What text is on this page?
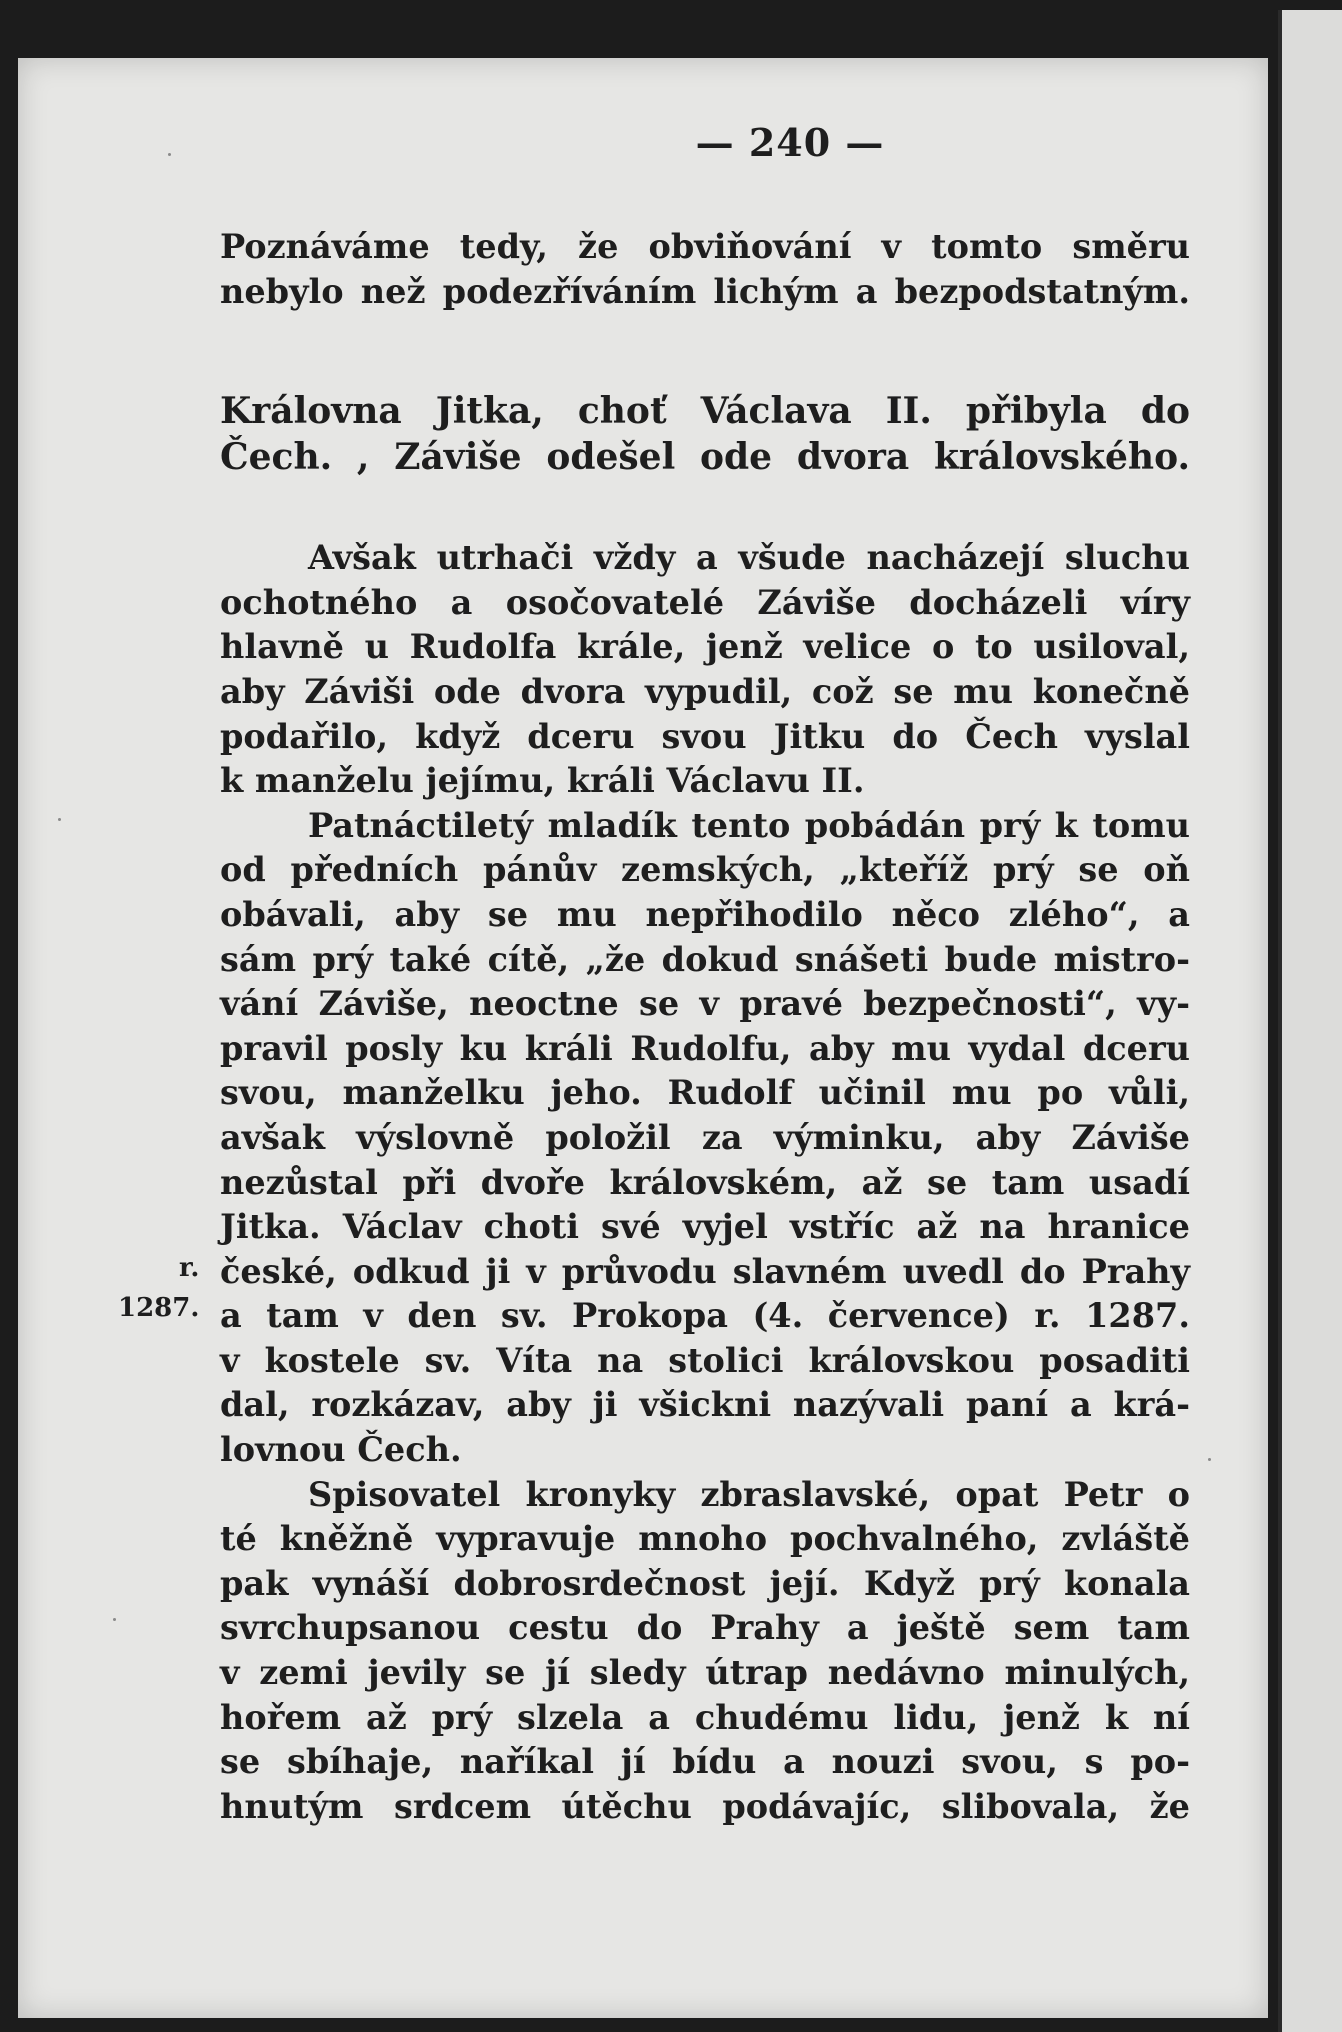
— 240 —
r.
1287.
Poznáváme tedy, že obviňování v tomto směru
nebylo než podezříváním lichým a bezpodstatným.
Královna Jitka, choť Václava II. přibyla do
Čech. , Záviše odešel ode dvora královského.
Avšak utrhači vždy a všude nacházejí sluchu
ochotného a osočovatelé Záviše docházeli víry
hlavně u Rudolfa krále, jenž velice o to usiloval,
aby Záviši ode dvora vypudil, což se mu konečně
podařilo, když dceru svou Jitku do Čech vyslal
k manželu jejímu, králi Václavu II.
Patnáctiletý mladík tento pobádán prý k tomu
od předních pánův zemských, „kteříž prý se oň
obávali, aby se mu nepřihodilo něco zlého“, a
sám prý také cítě, „že dokud snášeti bude mistro-
vání Záviše, neoctne se v pravé bezpečnosti“, vy-
pravil posly ku králi Rudolfu, aby mu vydal dceru
svou, manželku jeho. Rudolf učinil mu po vůli,
avšak výslovně položil za výminku, aby Záviše
nezůstal při dvoře královském, až se tam usadí
Jitka. Václav choti své vyjel vstříc až na hranice
české, odkud ji v průvodu slavném uvedl do Prahy
a tam v den sv. Prokopa (4. července) r. 1287.
v kostele sv. Víta na stolici královskou posaditi
dal, rozkázav, aby ji všickni nazývali paní a krá-
lovnou Čech.
Spisovatel kronyky zbraslavské, opat Petr o
té kněžně vypravuje mnoho pochvalného, zvláště
pak vynáší dobrosrdečnost její. Když prý konala
svrchupsanou cestu do Prahy a ještě sem tam
v zemi jevily se jí sledy útrap nedávno minulých,
hořem až prý slzela a chudému lidu, jenž k ní
se sbíhaje, naříkal jí bídu a nouzi svou, s po-
hnutým srdcem útěchu podávajíc, slibovala, že
